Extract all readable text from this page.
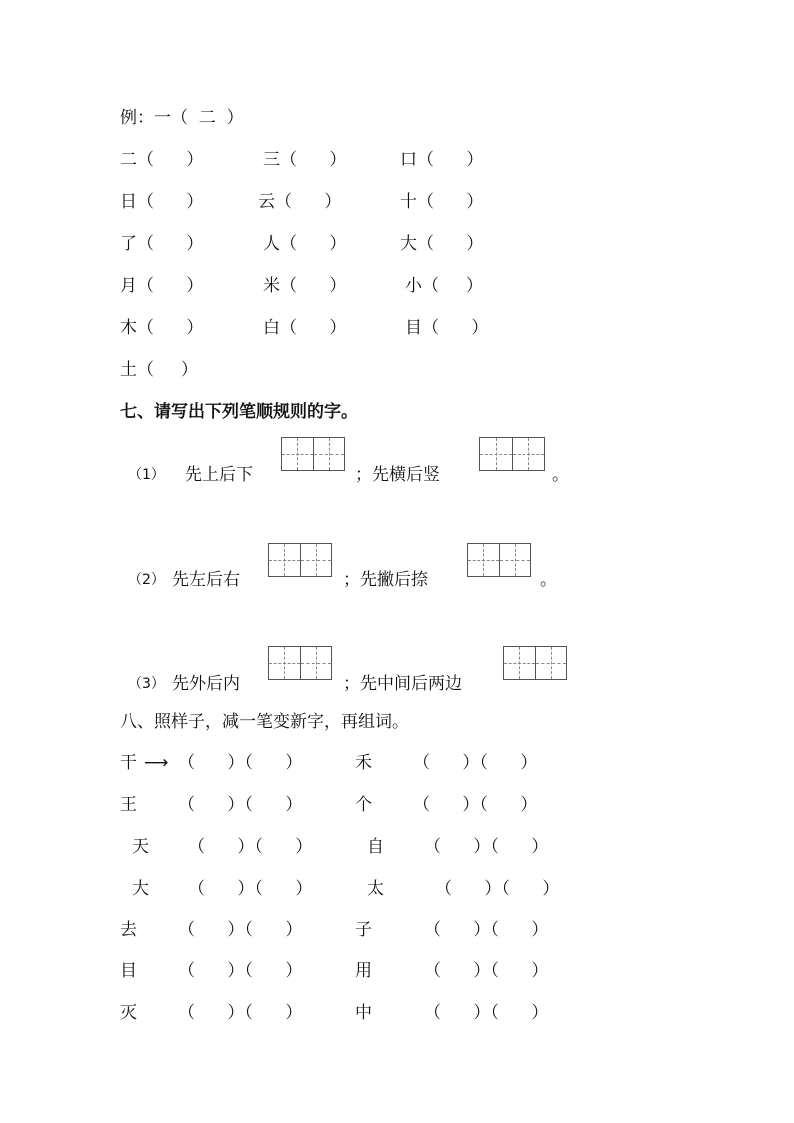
例：一（  二  ）
二（      ）	三（      ）	口（      ）
日（      ）	云（      ）	十（      ）
了（      ）	人（      ）	大（      ）
月（      ）	米（      ）	小（     ）
木（      ）	白（      ）	目（      ）
土（     ）
七、请写出下列笔顺规则的字。
（1） 先上后下	；先横后竖	。
（2） 先左后右	；先撇后捺	。
（3） 先外后内	；先中间后两边
八、照样子，减一笔变新字，再组词。
干 ⟶ （      ）（      ）	禾 （      ）（      ）
王 （      ）（      ）	个 （      ）（      ）
天 （      ）（      ）	自 （      ）（      ）
大 （      ）（      ）	太	（      ）（      ）
去 （      ）（      ）	子	（      ）（      ）
目 （      ）（      ）	用	（      ）（      ）
灭 （      ）（      ）	中	（      ）（      ）
